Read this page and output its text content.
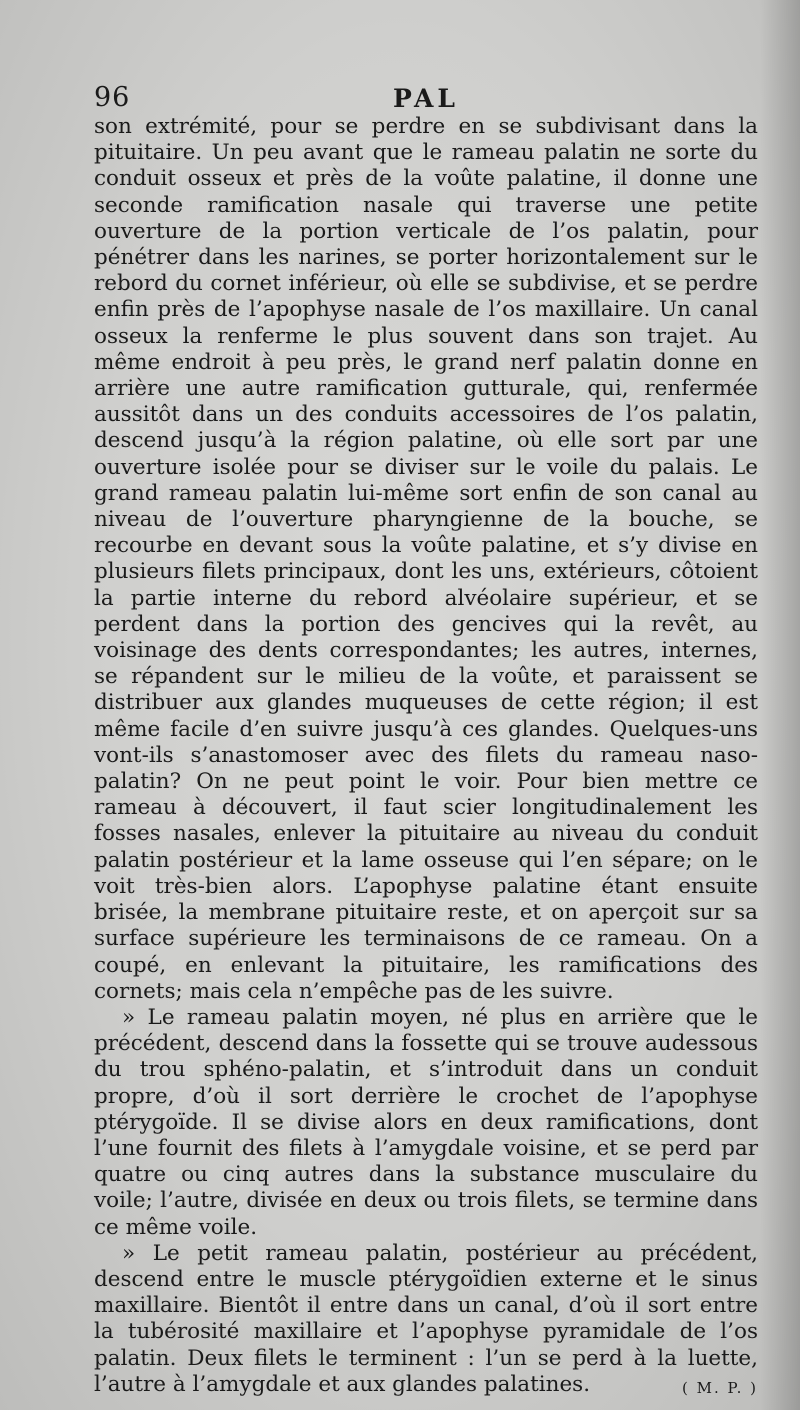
96	PAL

son extrémité, pour se perdre en se subdivisant dans la pituitaire. Un peu avant que le rameau palatin ne sorte du conduit osseux et près de la voûte palatine, il donne une seconde ramification nasale qui traverse une petite ouverture de la portion verticale de l’os palatin, pour pénétrer dans les narines, se porter horizontalement sur le rebord du cornet inférieur, où elle se subdivise, et se perdre enfin près de l’apophyse nasale de l’os maxillaire. Un canal osseux la renferme le plus souvent dans son trajet. Au même endroit à peu près, le grand nerf palatin donne en arrière une autre ramification gutturale, qui, renfermée aussitôt dans un des conduits accessoires de l’os palatin, descend jusqu’à la région palatine, où elle sort par une ouverture isolée pour se diviser sur le voile du palais. Le grand rameau palatin lui-même sort enfin de son canal au niveau de l’ouverture pharyngienne de la bouche, se recourbe en devant sous la voûte palatine, et s’y divise en plusieurs filets principaux, dont les uns, extérieurs, côtoient la partie interne du rebord alvéolaire supérieur, et se perdent dans la portion des gencives qui la revêt, au voisinage des dents correspondantes; les autres, internes, se répandent sur le milieu de la voûte, et paraissent se distribuer aux glandes muqueuses de cette région; il est même facile d’en suivre jusqu’à ces glandes. Quelques-uns vont-ils s’anastomoser avec des filets du rameau naso-palatin? On ne peut point le voir. Pour bien mettre ce rameau à découvert, il faut scier longitudinalement les fosses nasales, enlever la pituitaire au niveau du conduit palatin postérieur et la lame osseuse qui l’en sépare; on le voit très-bien alors. L’apophyse palatine étant ensuite brisée, la membrane pituitaire reste, et on aperçoit sur sa surface supérieure les terminaisons de ce rameau. On a coupé, en enlevant la pituitaire, les ramifications des cornets; mais cela n’empêche pas de les suivre.

» Le rameau palatin moyen, né plus en arrière que le précédent, descend dans la fossette qui se trouve audessous du trou sphéno-palatin, et s’introduit dans un conduit propre, d’où il sort derrière le crochet de l’apophyse ptérygoïde. Il se divise alors en deux ramifications, dont l’une fournit des filets à l’amygdale voisine, et se perd par quatre ou cinq autres dans la substance musculaire du voile; l’autre, divisée en deux ou trois filets, se termine dans ce même voile.

» Le petit rameau palatin, postérieur au précédent, descend entre le muscle ptérygoïdien externe et le sinus maxillaire. Bientôt il entre dans un canal, d’où il sort entre la tubérosité maxillaire et l’apophyse pyramidale de l’os palatin. Deux filets le terminent : l’un se perd à la luette, l’autre à l’amygdale et aux glandes palatines.	( M. P. )
